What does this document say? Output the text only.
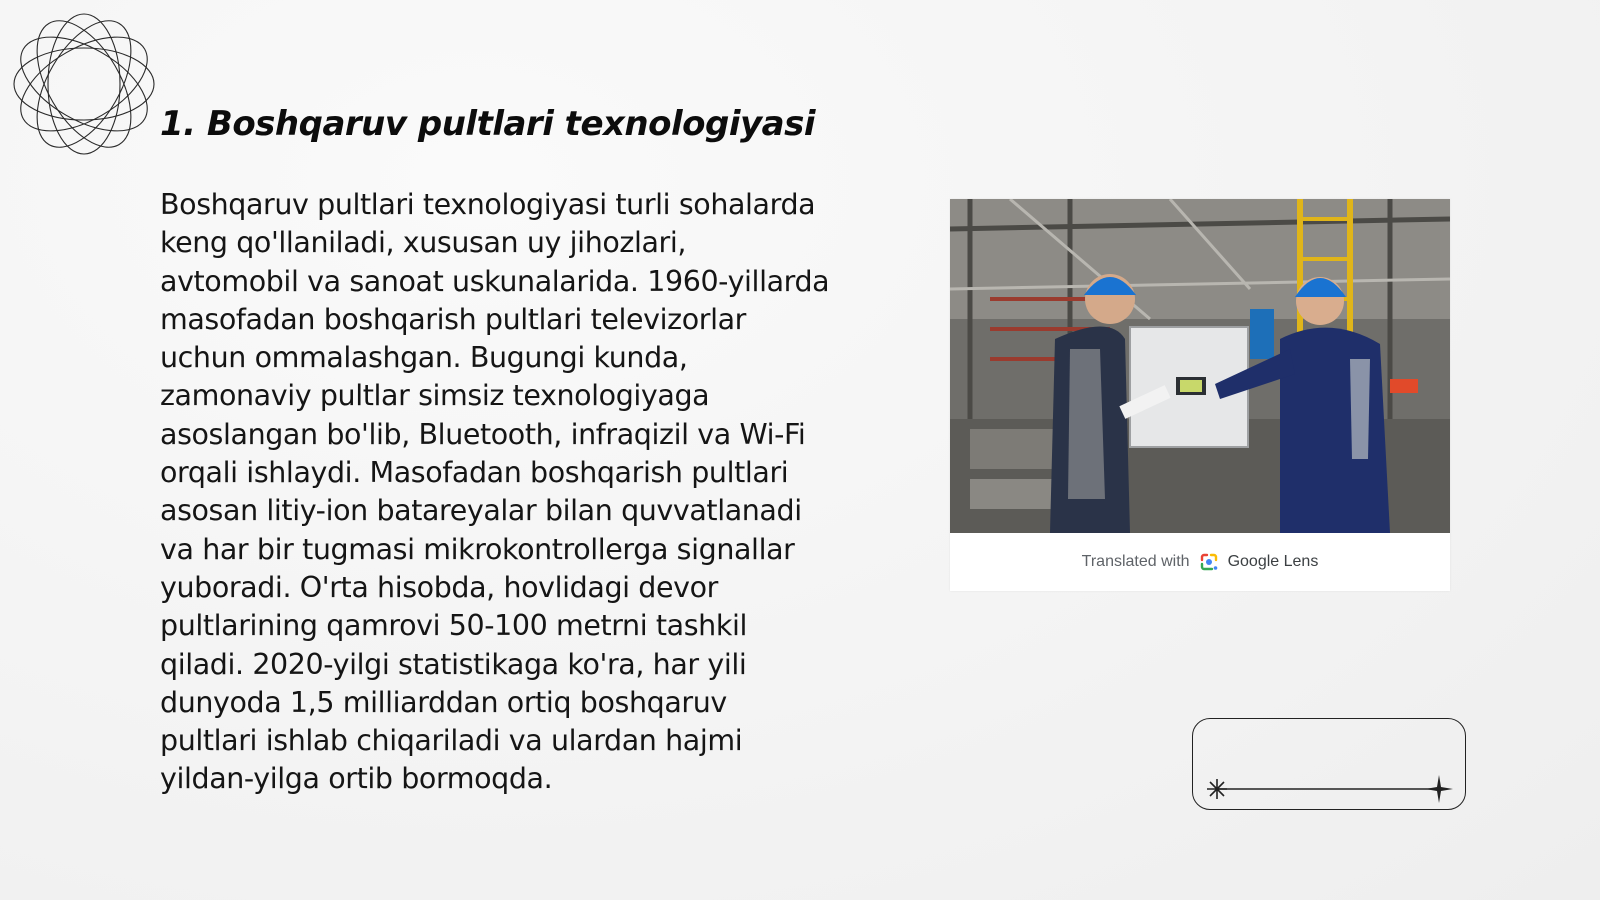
1. Boshqaruv pultlari texnologiyasi

Boshqaruv pultlari texnologiyasi turli sohalarda keng qo'llaniladi, xususan uy jihozlari, avtomobil va sanoat uskunalarida. 1960-yillarda masofadan boshqarish pultlari televizorlar uchun ommalashgan. Bugungi kunda, zamonaviy pultlar simsiz texnologiyaga asoslangan bo'lib, Bluetooth, infraqizil va Wi-Fi orqali ishlaydi. Masofadan boshqarish pultlari asosan litiy-ion batareyalar bilan quvvatlanadi va har bir tugmasi mikrokontrollerga signallar yuboradi. O'rta hisobda, hovlidagi devor pultlarining qamrovi 50-100 metrni tashkil qiladi. 2020-yilgi statistikaga ko'ra, har yili dunyoda 1,5 milliarddan ortiq boshqaruv pultlari ishlab chiqariladi va ulardan hajmi yildan-yilga ortib bormoqda.

Translated with Google Lens
